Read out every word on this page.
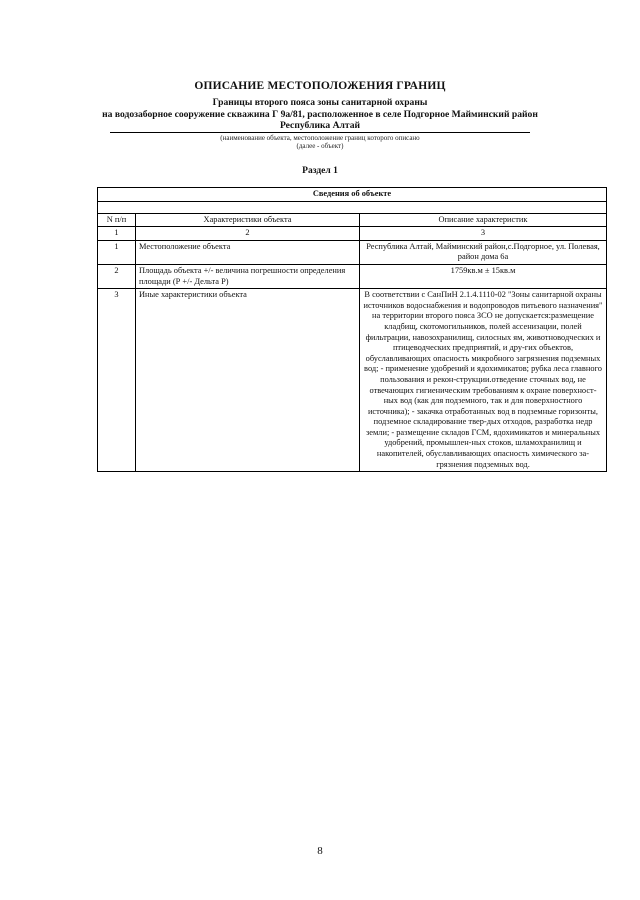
ОПИСАНИЕ МЕСТОПОЛОЖЕНИЯ ГРАНИЦ
Границы второго пояса зоны санитарной охраны
на водозаборное сооружение скважина Г 9а/81, расположенное в селе Подгорное Майминский район
Республика Алтай
(наименование объекта, местоположение границ которого описано
(далее - объект)
Раздел 1
Сведения об объекте		

N п/п	Характеристики объекта	Описание характеристик
1	2	3
1	Местоположение объекта	Республика Алтай, Майминский район,с.Подгорное, ул. Полевая, район дома 6а
2	Площадь объекта +/- величина погрешности определения площади (Р +/- Дельта Р)	1759кв.м ± 15кв.м
3	Иные характеристики объекта	В соответствии с СанПиН 2.1.4.1110-02 "Зоны санитарной охраны источников водоснабжения и водопроводов питьевого назначения" на территории второго пояса ЗСО не допускается:размещение кладбищ, скотомогильников, полей ассенизации, полей фильтрации, навозохранилищ, силосных ям, животноводческих и птицеводческих предприятий, и дру-гих объектов, обуславливающих опасность микробного загрязнения подземных вод; - применение удобрений и ядохимикатов; рубка леса главного пользования и рекон-струкции.отведение сточных вод, не отвечающих гигиеническим требованиям к охране поверхност-ных вод (как для подземного, так и для поверхностного источника); - закачка отработанных вод в подземные горизонты, подземное складирование твер-дых отходов, разработка недр земли; - размещение складов ГСМ, ядохимикатов и минеральных удобрений, промышлен-ных стоков, шламохранилищ и накопителей, обуславливающих опасность химического за-грязнения подземных вод.
8
